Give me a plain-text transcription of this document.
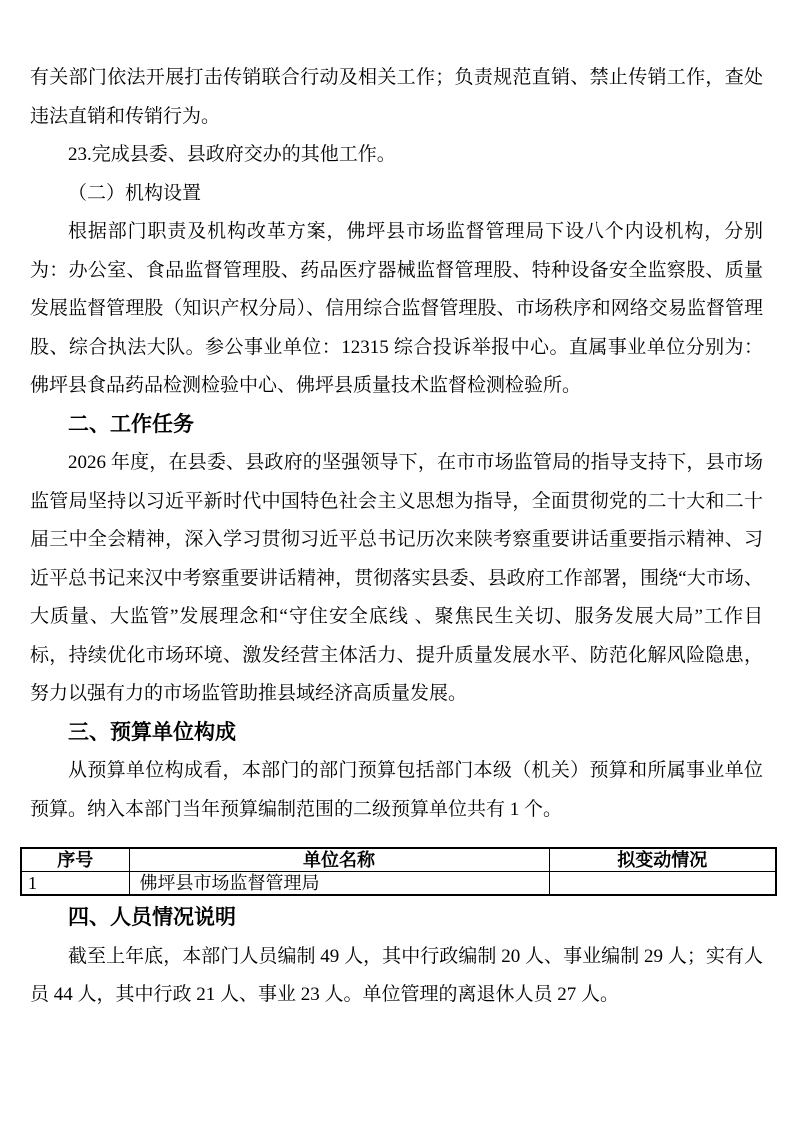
有关部门依法开展打击传销联合行动及相关工作；负责规范直销、禁止传销工作，查处违法直销和传销行为。

23.完成县委、县政府交办的其他工作。

（二）机构设置

根据部门职责及机构改革方案，佛坪县市场监督管理局下设八个内设机构，分别为：办公室、食品监督管理股、药品医疗器械监督管理股、特种设备安全监察股、质量发展监督管理股（知识产权分局）、信用综合监督管理股、市场秩序和网络交易监督管理股、综合执法大队。参公事业单位：12315 综合投诉举报中心。直属事业单位分别为：佛坪县食品药品检测检验中心、佛坪县质量技术监督检测检验所。

二、工作任务

2026 年度，在县委、县政府的坚强领导下，在市市场监管局的指导支持下，县市场监管局坚持以习近平新时代中国特色社会主义思想为指导，全面贯彻党的二十大和二十届三中全会精神，深入学习贯彻习近平总书记历次来陕考察重要讲话重要指示精神、习近平总书记来汉中考察重要讲话精神，贯彻落实县委、县政府工作部署，围绕“大市场、大质量、大监管”发展理念和“守住安全底线 、聚焦民生关切、服务发展大局”工作目标，持续优化市场环境、激发经营主体活力、提升质量发展水平、防范化解风险隐患，努力以强有力的市场监管助推县域经济高质量发展。

三、预算单位构成

从预算单位构成看，本部门的部门预算包括部门本级（机关）预算和所属事业单位预算。纳入本部门当年预算编制范围的二级预算单位共有 1 个。

序号	单位名称	拟变动情况
1	佛坪县市场监督管理局	
四、人员情况说明

截至上年底，本部门人员编制 49 人，其中行政编制 20 人、事业编制 29 人；实有人员 44 人，其中行政 21 人、事业 23 人。单位管理的离退休人员 27 人。
